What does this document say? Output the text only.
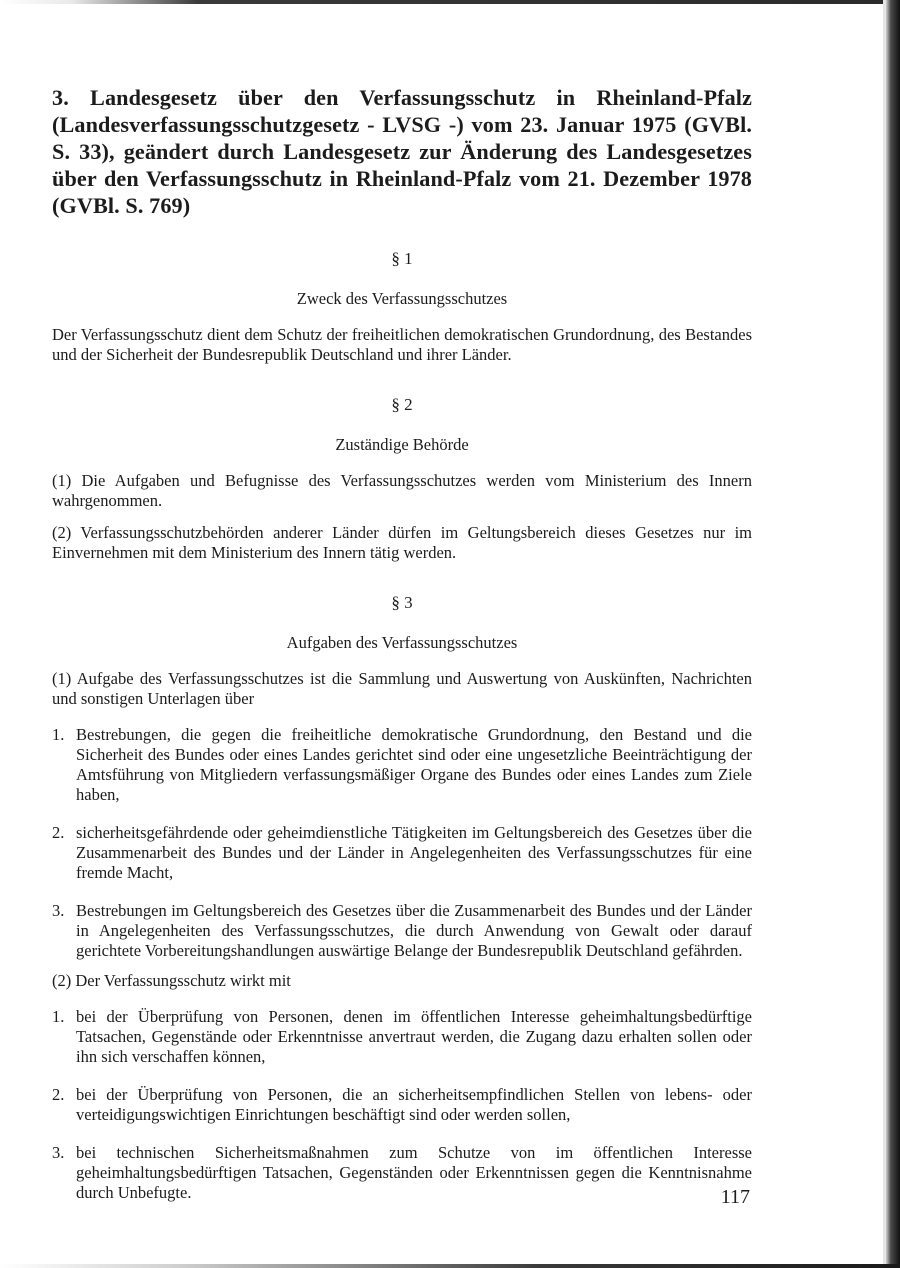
3. Landesgesetz über den Verfassungsschutz in Rheinland-Pfalz (Landesverfassungsschutzgesetz - LVSG -) vom 23. Januar 1975 (GVBl. S. 33), geändert durch Landesgesetz zur Änderung des Landesgesetzes über den Verfassungsschutz in Rheinland-Pfalz vom 21. Dezember 1978 (GVBl. S. 769)
§ 1
Zweck des Verfassungsschutzes

Der Verfassungsschutz dient dem Schutz der freiheitlichen demokratischen Grundordnung, des Bestandes und der Sicherheit der Bundesrepublik Deutschland und ihrer Länder.

§ 2
Zuständige Behörde

(1) Die Aufgaben und Befugnisse des Verfassungsschutzes werden vom Ministerium des Innern wahrgenommen.

(2) Verfassungsschutzbehörden anderer Länder dürfen im Geltungsbereich dieses Gesetzes nur im Einvernehmen mit dem Ministerium des Innern tätig werden.

§ 3
Aufgaben des Verfassungsschutzes

(1) Aufgabe des Verfassungsschutzes ist die Sammlung und Auswertung von Auskünften, Nachrichten und sonstigen Unterlagen über

1. Bestrebungen, die gegen die freiheitliche demokratische Grundordnung, den Bestand und die Sicherheit des Bundes oder eines Landes gerichtet sind oder eine ungesetzliche Beeinträchtigung der Amtsführung von Mitgliedern verfassungsmäßiger Organe des Bundes oder eines Landes zum Ziele haben,
2. sicherheitsgefährdende oder geheimdienstliche Tätigkeiten im Geltungsbereich des Gesetzes über die Zusammenarbeit des Bundes und der Länder in Angelegenheiten des Verfassungsschutzes für eine fremde Macht,
3. Bestrebungen im Geltungsbereich des Gesetzes über die Zusammenarbeit des Bundes und der Länder in Angelegenheiten des Verfassungsschutzes, die durch Anwendung von Gewalt oder darauf gerichtete Vorbereitungshandlungen auswärtige Belange der Bundesrepublik Deutschland gefährden.

(2) Der Verfassungsschutz wirkt mit

1. bei der Überprüfung von Personen, denen im öffentlichen Interesse geheimhaltungsbedürftige Tatsachen, Gegenstände oder Erkenntnisse anvertraut werden, die Zugang dazu erhalten sollen oder ihn sich verschaffen können,
2. bei der Überprüfung von Personen, die an sicherheitsempfindlichen Stellen von lebens- oder verteidigungswichtigen Einrichtungen beschäftigt sind oder werden sollen,
3. bei technischen Sicherheitsmaßnahmen zum Schutze von im öffentlichen Interesse geheimhaltungsbedürftigen Tatsachen, Gegenständen oder Erkenntnissen gegen die Kenntnisnahme durch Unbefugte.	117
